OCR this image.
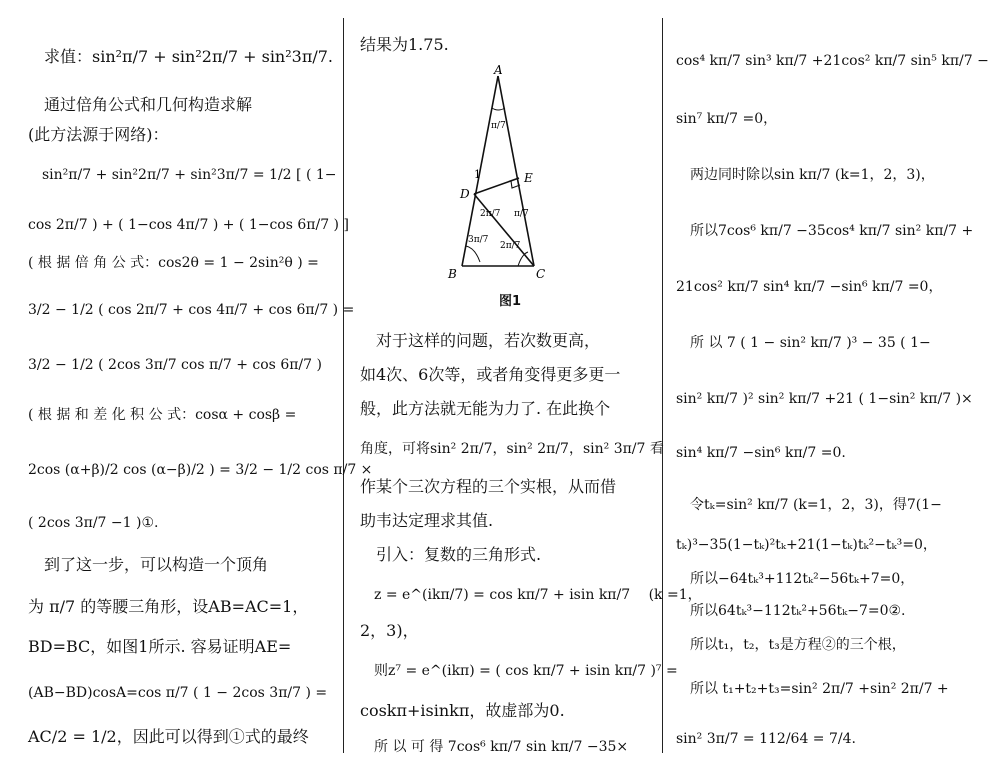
　求值：sin²π/7 + sin²2π/7 + sin²3π/7.
　通过倍角公式和几何构造求解
(此方法源于网络)：
　sin²π/7 + sin²2π/7 + sin²3π/7 = 1/2 [ ( 1−
cos 2π/7 ) + ( 1−cos 4π/7 ) + ( 1−cos 6π/7 ) ]
( 根 据 倍 角 公 式：cos2θ = 1 − 2sin²θ ) =
3/2 − 1/2 ( cos 2π/7 + cos 4π/7 + cos 6π/7 ) =
3/2 − 1/2 ( 2cos 3π/7 cos π/7 + cos 6π/7 )
( 根 据 和 差 化 积 公 式：cosα + cosβ =
2cos (α+β)/2 cos (α−β)/2 ) = 3/2 − 1/2 cos π/7 ×
( 2cos 3π/7 −1 )①.
　到了这一步，可以构造一个顶角
为 π/7 的等腰三角形，设AB=AC=1，
BD=BC，如图1所示. 容易证明AE=
(AB−BD)cosA=cos π/7 ( 1 − 2cos 3π/7 ) =
AC/2 = 1/2，因此可以得到①式的最终
结果为1.75.
A
B	C
D
E
1
π/7
3π/7
2π/7
2π/7
π/7
图1
　对于这样的问题，若次数更高，
如4次、6次等，或者角变得更多更一
般，此方法就无能为力了. 在此换个
角度，可将sin² 2π/7，sin² 2π/7，sin² 3π/7 看
作某个三次方程的三个实根，从而借
助韦达定理求其值.
　引入：复数的三角形式.
　z = e^(ikπ/7) = cos kπ/7 + isin kπ/7 　(k =1，
2，3)，
　则z⁷ = e^(ikπ) = ( cos kπ/7 + isin kπ/7 )⁷ =
coskπ+isinkπ，故虚部为0.
　所 以 可 得 7cos⁶ kπ/7 sin kπ/7 −35×
cos⁴ kπ/7 sin³ kπ/7 +21cos² kπ/7 sin⁵ kπ/7 −
sin⁷ kπ/7 =0，
　两边同时除以sin kπ/7 (k=1，2，3)，
　所以7cos⁶ kπ/7 −35cos⁴ kπ/7 sin² kπ/7 +
21cos² kπ/7 sin⁴ kπ/7 −sin⁶ kπ/7 =0，
　所 以 7 ( 1 − sin² kπ/7 )³ − 35 ( 1−
sin² kπ/7 )² sin² kπ/7 +21 ( 1−sin² kπ/7 )×
sin⁴ kπ/7 −sin⁶ kπ/7 =0.
　令tₖ=sin² kπ/7 (k=1，2，3)，得7(1−
tₖ)³−35(1−tₖ)²tₖ+21(1−tₖ)tₖ²−tₖ³=0，
　所以−64tₖ³+112tₖ²−56tₖ+7=0，
　所以64tₖ³−112tₖ²+56tₖ−7=0②.
　所以t₁，t₂，t₃是方程②的三个根，
　所以 t₁+t₂+t₃=sin² 2π/7 +sin² 2π/7 +
sin² 3π/7 = 112/64 = 7/4.
